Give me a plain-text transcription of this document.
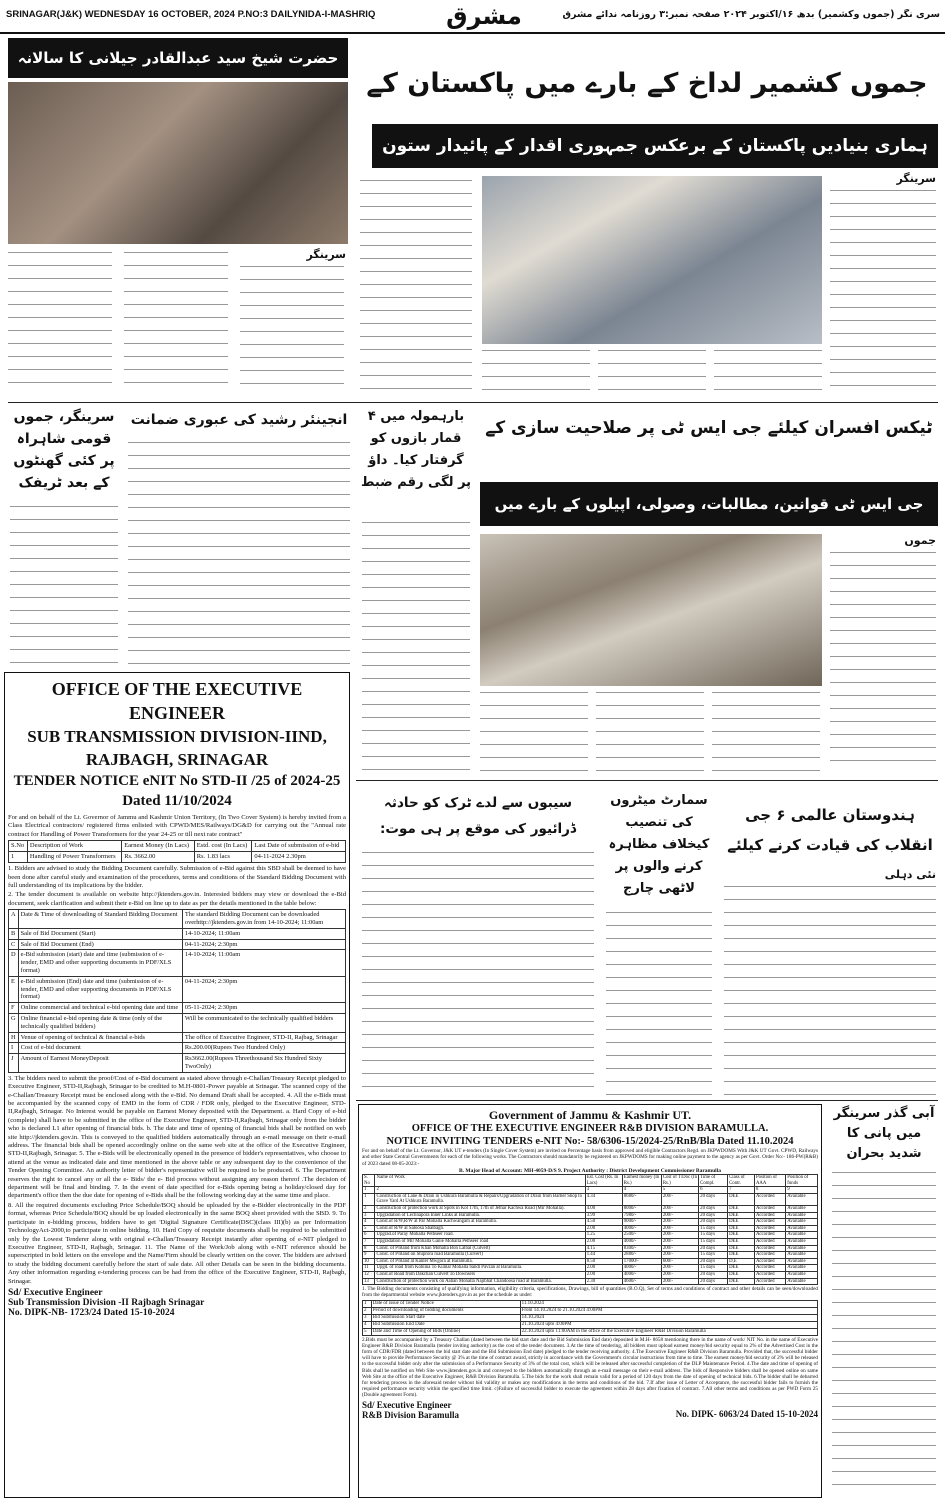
SRINAGAR(J&K) WEDNESDAY 16 OCTOBER, 2024 P.NO:3 DAILYNIDA-I-MASHRIQ	مشرق	سری نگر (جموں وکشمیر) بدھ ۱۶/اکتوبر ۲۰۲۴ صفحہ نمبر:۳ روزنامہ ندائے مشرق
حضرت شیخ سید عبدالقادر جیلانی کا سالانہ
سرینگر
جموں کشمیر لداخ کے بارے میں پاکستان کے
ہماری بنیادیں پاکستان کے برعکس جمہوری اقدار کے پائیدار ستون
سرینگر
سرینگر، جموں قومی شاہراہ پر کئی گھنٹوں کے بعد ٹریفک
انجینئر رشید کی عبوری ضمانت	بارہمولہ میں ۴ قمار بازوں کو گرفتار کیا۔ داؤ پر لگی رقم ضبط
ٹیکس افسران کیلئے جی ایس ٹی پر صلاحیت سازی کے
جی ایس ٹی قوانین، مطالبات، وصولی، اپیلوں کے بارے میں
جموں
سیبوں سے لدے ٹرک کو حادثہ ڈرائیور کی موقع پر ہی موت:
سمارٹ میٹروں کی تنصیب کیخلاف مظاہرہ کرنے والوں پر لاٹھی چارج
ہندوستان عالمی ۶ جی انقلاب کی قیادت کرنے کیلئے
نئی دہلی
آبی گذر سرینگر میں پانی کا شدید بحران
OFFICE OF THE EXECUTIVE ENGINEER
SUB TRANSMISSION DIVISION-IIND, RAJBAGH, SRINAGAR
TENDER NOTICE eNIT No STD-II /25 of 2024-25 Dated 11/10/2024

For and on behalf of the Lt. Governor of Jammu and Kashmir Union Territory, (In Two Cover System) is hereby invited from a Class Electrical contractors/ registered firms enlisted with CPWD/MES/Railways/DG&D for carrying out the "Annual rate contract for Handling of Power Transformers for the year 24-25 or till next rate contract"

S.No	Description of Work	Earnest Money (In Lacs)	Estd. cost (In Lacs)	Last Date of submission of e-bid
1	Handling of Power Transformers	Rs. 3662.00	Rs. 1.83 lacs	04-11-2024 2.30pm

1. Bidders are advised to study the Bidding Document carefully. Submission of e-Bid against this SBD shall be deemed to have been done after careful study and examination of the procedures, terms and conditions of the Standard Bidding Document with full understanding of its implications by the bidder.

2. The tender document is available on website http://jktenders.gov.in. Interested bidders may view or download the e-Bid document, seek clarification and submit their e-Bid on line up to date as per the details mentioned in the table below:

A	Date & Time of downloading of Standard Bidding Document	The standard Bidding Document can be downloaded overhttp://jktenders.gov.in from 14-10-2024; 11:00am
B	Sale of Bid Document (Start)	14-10-2024; 11:00am
C	Sale of Bid Document (End)	04-11-2024; 2:30pm
D	e-Bid submission (start) date and time (submission of e-tender, EMD and other supporting documents in PDF/XLS format)	14-10-2024; 11:00am
E	e-Bid submission (End) date and time (submission of e-tender, EMD and other supporting documents in PDF/XLS format)	04-11-2024; 2:30pm
F	Online commercial and technical e-bid opening date and time	05-11-2024; 2:30pm
G	Online financial e-bid opening date & time (only of the technically qualified bidders)	Will be communicated to the technically qualified bidders
H	Venue of opening of technical & financial e-bids	The office of Executive Engineer, STD-II, Rajbag, Srinagar
I	Cost of e-bid document	Rs.200.00(Rupees Two Hundred Only)
J	Amount of Earnest MoneyDeposit	Rs3662.00(Rupees Threethousand Six Hundred Sixty TwoOnly)

3. The bidders need to submit the proof/Cost of e-Bid document as stated above through e-Challan/Treasury Receipt pledged to Executive Engineer, STD-II,Rajbagh, Srinagar to be credited to M.H-0801-Power payable at Srinagar. The scanned copy of the e-Challan/Treasury Receipt must be enclosed along with the e-Bid. No demand Draft shall be accepted. 4. All the e-Bids must be accompanied by the scanned copy of EMD in the form of CDR / FDR only, pledged to the Executive Engineer, STD-II,Rajbagh, Srinagar. No Interest would be payable on Earnest Money deposited with the Department. a. Hard Copy of e-bid (complete) shall have to be submitted in the office of the Executive Engineer, STD-II,Rajbagh, Srinagar only from the bidder who is declared L1 after opening of financial bids. b. The date and time of opening of financial bids shall be notified on web site http://jktenders.gov.in. This is conveyed to the qualified bidders automatically through an e-mail message on their e-mail address. The financial bids shall be opened accordingly online on the same web site at the office of the Executive Engineer, STD-II,Rajbagh, Srinagar. 5. The e-Bids will be electronically opened in the presence of bidder's representatives, who choose to attend at the venue as indicated date and time mentioned in the above table or any subsequent day to the convenience of the Tender Opening Committee. An authority letter of bidder's representative will be required to be produced. 6. The Department reserves the right to cancel any or all the e- Bids/ the e- Bid process without assigning any reason thereof .The decision of department will be final and binding. 7. In the event of date specified for e-Bids opening being a holiday/closed day for department's office then the due date for opening of e-Bids shall be the following working day at the same time and place.

8. All the required documents excluding Price Schedule/BOQ should be uploaded by the e-Bidder electronically in the PDF format, whereas Price Schedule/BOQ should be up loaded electronically in the same BOQ sheet provided with the SBD. 9. To participate in e-bidding process, bidders have to get 'Digital Signature Certificate(DSC)(class III)(b) as per Information TechnologyAct-2000,to participate in online bidding. 10. Hard Copy of requisite documents shall be required to be submitted only by the Lowest Tenderer along with original e-Challan/Treasury Receipt instantly after opening of e-NIT pledged to Executive Engineer, STD-II, Rajbagh, Srinagar. 11. The Name of the Work/Job along with e-NIT reference should be superscripted in bold letters on the envelope and the Name/Firm should be clearly written on the cover. The bidders are advised to study the bidding document carefully before the start of sale date. All other Details can be seen in the bidding documents. Any other information regarding e-tendering process can be had from the office of the Executive Engineer, STD-II, Rajbagh, Srinagar.

Sd/ Executive Engineer
Sub Transmission Division -II Rajbagh Srinagar
No. DIPK-NB- 1723/24 Dated 15-10-2024
Government of Jammu & Kashmir UT.
OFFICE OF THE EXECUTIVE ENGINEER R&B DIVISION BARAMULLA.
NOTICE INVITING TENDERS e-NIT No:- 58/6306-15/2024-25/RnB/Bla Dated 11.10.2024

For and on behalf of the Lt. Governor, J&K UT e-tenders (In Single Cover System) are invited on Percentage basis from approved and eligible Contractors Regd. on JKPWDOMS With J&K UT Govt. CPWD, Railways and other State Central Governments for each of the following works. The Contractors should mandatorily be registered on JKPWDOMS for making online payment to the agency as per Govt. Order No:- 186-PW(R&B) of 2023 dated 08-05-2023:-

B. Major Head of Account: MH-4059-D/S 9. Project Authority : District Development Commissioner Baramulla
S. No	Name of Work	Est. Cost (Rs. In Lacs)	Earnest money (In Rs.)	Cost of T/Doc (In Rs.)	Time of Compl.	Class of Contr.	Position of AAA	Position of funds
1	2	3	4	5	6	7	8	9
1	Construction of Lane & Drain in Ushkura Baramulla & Repairs/Upgradation of Drain from Barber Shop to Grave Yard At Ushkura Baramulla.	4.34	8680/-	200/-	20 days	DEE	Accorded	Available
2	Construction of protection work at Spots in Kot 17th, 17th of Jethar Kachwa Road (Mir Mohalla).	4.00	8000/-	200/-	20 days	DEE	Accorded	Available
3	Upgradation of Lechnapora Inner Links at Baramulla.	3.99	7980/-	200/-	20 days	DEE	Accorded	Available
4	Const.of R/W,R/W at Par Mohalla Kachwangam at Baramulla.	4.50	9000/-	200/-	20 days	DEE	Accorded	Available
5	Const.of R/W at Saloosa Shalbagh.	2.00	4000/-	200/-	15 days	DEE	Accorded	Available
6	Upgrad.of Paray Mohalla Pethseer road.	1.25	2500/-	200/-	15 days	DEE	Accorded	Available
7	Upgradation of Mir Mohalla Ganie Mohalla Pethseer road	2.00	4000/-	200/-	15 days	DEE	Accorded	Available
8	Const. of P/Band from Khan Mohalla Bon Lalbal (Culvert)	4.15	8300/-	200/-	20 days	DEE	Accorded	Available
9	Const. of P/Band on Shiprora road Baramulla (Culvert)	1.44	2880/-	200/-	15 days	DEE	Accorded	Available
10	Const. of P/Band at Kanler Mwgora at Baramulla.	8.50	17000/-	600/-	20 days	D,E	Accorded	Available
11	Upgd. of road from Kohlina To Kumar Mohalla bandi Pavzan at Baramulla.	2.00	4000/-	200/-	15 days	DEE	Accorded	Available
12	Const.of Road from Dakchan Culvert To Downsers	2.00	4000/-	200/-	20 days	DEE	Accorded	Available
13	Construction of protection work on Aaban Mohalla Najibhat Chandoosa road at Baramulla.	2.30	4600/-	200/-	20 days	DEE	Accorded	Available

1. The Bidding documents consisting of qualifying information, eligibility criteria, specifications, Drawings, bill of quantities (B.O.Q), Set of terms and conditions of contract and other details can be seen/downloaded from the departmental website www.jktenders.gov.in as per the schedule as under:

1	Date of issue of Tender Notice	11.10.2024
2	Period of downloading of bidding documents	From 14.10.2024 to 21.10.2024 4:00PM
3	Bid Submission Start date	14.10.2024
4	Bid Submission End Date	21.10.2024 upto 4:00PM
5	Date and Time of Opening of Bids (Online)	22.10.2024 upto 11:00AM in the office of the Executive Engineer R&B Division Baramulla

2.Bids must be accompanied by a Treasury Challan (dated between the bid start date and the Bid Submission End date) deposited in M.H- 8658 mentioning there in the name of work/ NIT No. in the name of Executive Engineer R&B Division Baramulla (tender inviting authority) as the cost of the tender document. 3.At the time of tendering, all bidders must upload earnest money/bid security equal to 2% of the Advertised Cost in the form of CDR/FDR (dated between the bid start date and the Bid Submission End date) pledged to the tender receiving authority. 4.The Executive Engineer R&B Division Baramulla. Provided that, the successful bidder will have to provide Performance Security @ 3% at the time of contract award, strictly in accordance with the Government's circular instructions from time to time. The earnest money/bid security of 2% will be released to the successful bidder only after the submission of a Performance Security of 3% of the total cost, which will be released after successful completion of the DLP Maintenance Period. 4.The date and time of opening of Bids shall be notified on Web Site www.jktenders.gov.in and conveyed to the bidders automatically through an e-mail message on their e-mail address. The bids of Responsive bidders shall be opened online on same Web Site at the office of the Executive Engineer, R&B Division Baramulla. 5.The bids for the work shall remain valid for a period of 120 days from the date of opening of technical bids. 6.The bidder shall be debarred for tendering process in the aforesaid tender without bid validity or makes any modifications in the terms and conditions of the bid. 7.If after issue of Letter of Acceptance, the successful bidder fails to furnish the required performance security within the specified time limit. c)Failure of successful bidder to execute the agreement within 28 days after fixation of contract. 7.All other terms and conditions as per PWD Form 25 (Double agreement Form).

Sd/ Executive Engineer
R&B Division Baramulla	No. DIPK- 6063/24 Dated 15-10-2024
